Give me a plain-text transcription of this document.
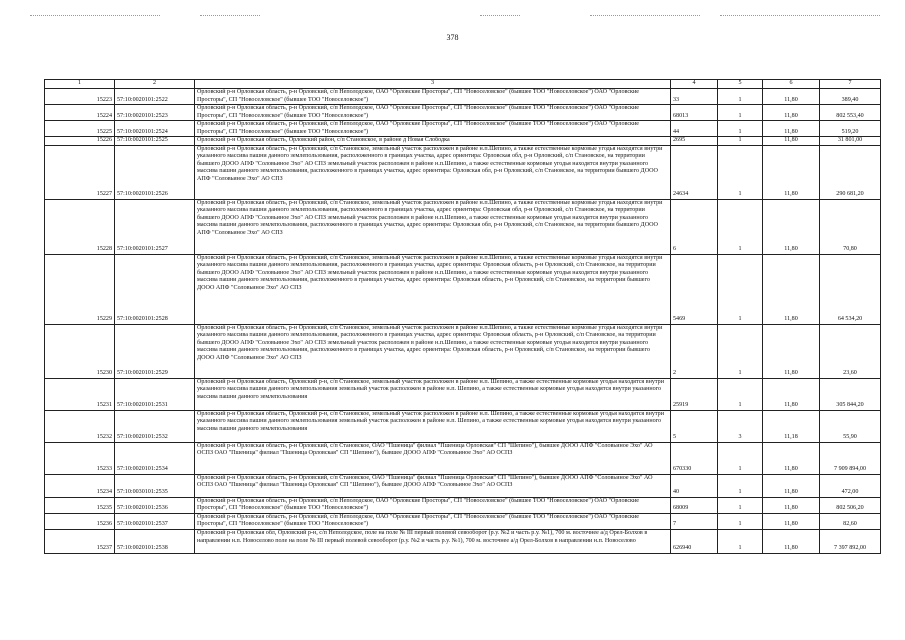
378
1	2	3	4	5	6	7
15223	57:10:0020101:2522	Орловский р-н Орловская область, р-н Орловский, с/п Неполодское, ОАО "Орловские Просторы", СП "Новоселовское" (бывшее ТОО "Новоселовское") ОАО "Орловские Просторы", СП "Новоселовское" (бывшее ТОО "Новоселовское")	33	1	11,80	389,40
15224	57:10:0020101:2523	Орловский р-н Орловская область, р-н Орловский, с/п Неполодское, ОАО "Орловские Просторы", СП "Новоселовское" (бывшее ТОО "Новоселовское") ОАО "Орловские Просторы", СП "Новоселовское" (бывшее ТОО "Новоселовское")	68013	1	11,80	802 553,40
15225	57:10:0020101:2524	Орловский р-н Орловская область, р-н Орловский, с/п Неполодское, ОАО "Орловские Просторы", СП "Новоселовское" (бывшее ТОО "Новоселовское") ОАО "Орловские Просторы", СП "Новоселовское" (бывшее ТОО "Новоселовское")	44	1	11,80	519,20
15226	57:10:0020101:2525	Орловский р-н Орловская область, Орловский район, с/п Становское, в районе д Новая Слободка	2695	1	11,80	31 801,00
15227	57:10:0020101:2526	Орловский р-н Орловская область, р-н Орловский, с/п Становское, земельный участок расположен в районе н.п.Шепино, а также естественные кормовые угодья находятся внутри указанного массива пашни данного землепользования, расположенного в границах участка, адрес ориентира: Орловская обл, р-н Орловский, с/п Становское, на территории бывшего ДООО АПФ "Соловьиное Эхо" АО СПЗ земельный участок расположен в районе н.п.Шепино, а также естественные кормовые угодья находятся внутри указанного массива пашни данного землепользования, расположенного в границах участка, адрес ориентира: Орловская обл, р-н Орловский, с/п Становское, на территории бывшего ДООО АПФ "Соловьиное Эхо" АО СПЗ	24634	1	11,80	290 681,20
15228	57:10:0020101:2527	Орловский р-н Орловская область, р-н Орловский, с/п Становское, земельный участок расположен в районе н.п.Шепино, а также естественные кормовые угодья находятся внутри указанного массива пашни данного землепользования, расположенного в границах участка, адрес ориентира: Орловская обл, р-н Орловский, с/п Становское, на территории бывшего ДООО АПФ "Соловьиное Эхо" АО СПЗ земельный участок расположен в районе н.п.Шепино, а также естественные кормовые угодья находятся внутри указанного массива пашни данного землепользования, расположенного в границах участка, адрес ориентира: Орловская обл, р-н Орловский, с/п Становское, на территории бывшего ДООО АПФ "Соловьиное Эхо" АО СПЗ	6	1	11,80	70,80
15229	57:10:0020101:2528	Орловский р-н Орловская область, р-н Орловский, с/п Становское, земельный участок расположен в районе н.п.Шепино, а также естественные кормовые угодья находятся внутри указанного массива пашни данного землепользования, расположенного в границах участка, адрес ориентира: Орловская область, р-н Орловский, с/п Становское, на территории бывшего ДООО АПФ "Соловьиное Эхо" АО СПЗ земельный участок расположен в районе н.п.Шепино, а также естественные кормовые угодья находятся внутри указанного массива пашни данного землепользования, расположенного в границах участка, адрес ориентира: Орловская область, р-н Орловский, с/п Становское, на территории бывшего ДООО АПФ "Соловьиное Эхо" АО СПЗ	5469	1	11,80	64 534,20
15230	57:10:0020101:2529	Орловский р-н Орловская область, р-н Орловский, с/п Становское, земельный участок расположен в районе н.п.Шепино, а также естественные кормовые угодья находятся внутри указанного массива пашни данного землепользования, расположенного в границах участка, адрес ориентира: Орловская область, р-н Орловский, с/п Становское, на территории бывшего ДООО АПФ "Соловьиное Эхо" АО СПЗ земельный участок расположен в районе н.п.Шепино, а также естественные кормовые угодья находятся внутри указанного массива пашни данного землепользования, расположенного в границах участка, адрес ориентира: Орловская область, р-н Орловский, с/п Становское, на территории бывшего ДООО АПФ "Соловьиное Эхо" АО СПЗ	2	1	11,80	23,60
15231	57:10:0020101:2531	Орловский р-н Орловская область, Орловский р-н, с/п Становское, земельный участок расположен в районе н.п. Шепино, а также естественные кормовые угодья находятся внутри указанного массива пашни данного землепользования земельный участок расположен в районе н.п. Шепино, а также естественные кормовые угодья находятся внутри указанного массива пашни данного землепользования	25919	1	11,80	305 844,20
15232	57:10:0020101:2532	Орловский р-н Орловская область, Орловский р-н, с/п Становское, земельный участок расположен в районе н.п. Шепино, а также естественные кормовые угодья находятся внутри указанного массива пашни данного землепользования земельный участок расположен в районе н.п. Шепино, а также естественные кормовые угодья находятся внутри указанного массива пашни данного землепользования	5	3	11,18	55,90
15233	57:10:0020101:2534	Орловский р-н Орловская область, р-н Орловский, с/п Становское, ОАО "Пшеница" филиал "Пшеница Орловская" СП "Шепино"), бывшее ДООО АПФ "Соловьиное Эхо" АО ОСПЗ ОАО "Пшеница" филиал "Пшеница Орловская" СП "Шепино"), бывшее ДООО АПФ "Соловьиное Эхо" АО ОСПЗ	670330	1	11,80	7 909 894,00
15234	57:10:0030101:2535	Орловский р-н Орловская область, р-н Орловский, с/п Становское, ОАО "Пшеница" филиал "Пшеница Орловская" СП "Шепино"), бывшее ДООО АПФ "Соловьиное Эхо" АО ОСПЗ ОАО "Пшеница" филиал "Пшеница Орловская" СП "Шепино"), бывшее ДООО АПФ "Соловьиное Эхо" АО ОСПЗ	40	1	11,80	472,00
15235	57:10:0020101:2536	Орловский р-н Орловская область, р-н Орловский, с/п Неполодское, ОАО "Орловские Просторы", СП "Новоселовское" (бывшее ТОО "Новоселовское") ОАО "Орловские Просторы", СП "Новоселовское" (бывшее ТОО "Новоселовское")	68009	1	11,80	802 506,20
15236	57:10:0020101:2537	Орловский р-н Орловская область, р-н Орловский, с/п Неполодское, ОАО "Орловские Просторы", СП "Новоселовское" (бывшее ТОО "Новоселовское") ОАО "Орловские Просторы", СП "Новоселовское" (бывшее ТОО "Новоселовское")	7	1	11,80	82,60
15237	57:10:0020101:2538	Орловский р-н Орловская обл, Орловский р-н, с/п Неполодское, поле на поле № III первый полевой севооборот (р.у. №2 и часть р.у. №1), 700 м. восточнее а/д Орел-Болхов в направлении н.п. Новоселово поле на поле № III первый полевой севооборот (р.у. №2 и часть р.у. №1), 700 м. восточнее а/д Орел-Болхов в направлении н.п. Новоселово	626940	1	11,80	7 397 892,00
